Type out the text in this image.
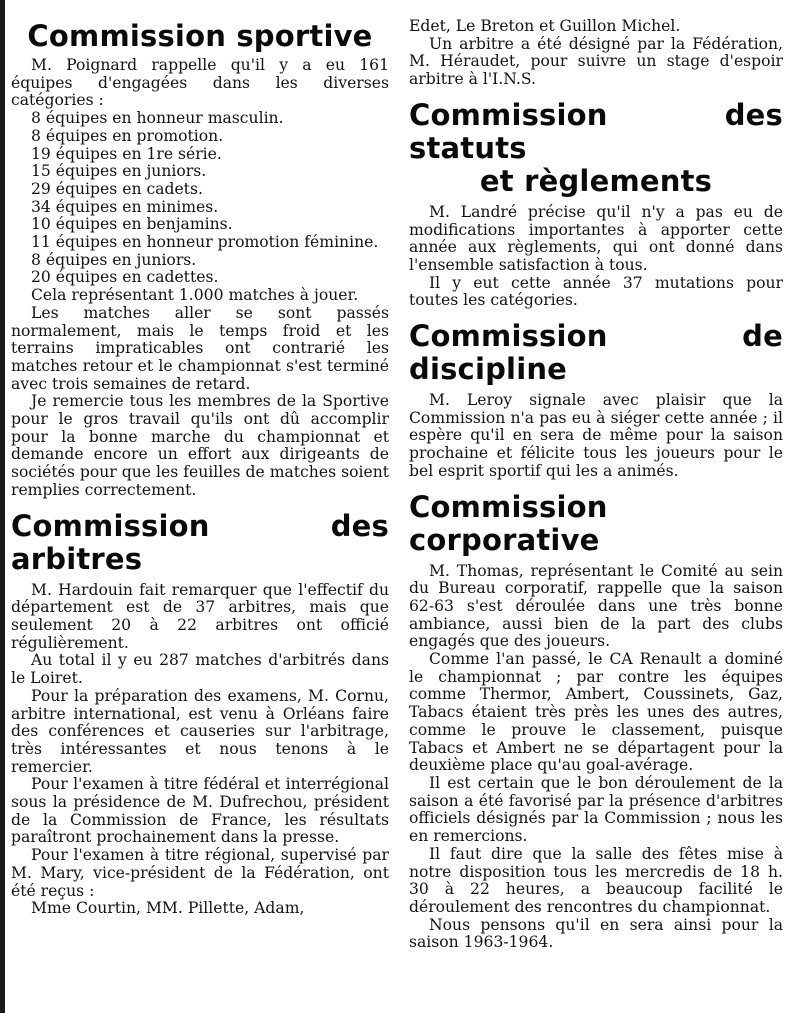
Commission sportive

M. Poignard rappelle qu'il y a eu 161 équipes d'engagées dans les diverses catégories :

8 équipes en honneur masculin.

8 équipes en promotion.

19 équipes en 1re série.

15 équipes en juniors.

29 équipes en cadets.

34 équipes en minimes.

10 équipes en benjamins.

11 équipes en honneur promotion féminine.

8 équipes en juniors.

20 équipes en cadettes.

Cela représentant 1.000 matches à jouer.

Les matches aller se sont passés normalement, mais le temps froid et les terrains impraticables ont contrarié les matches retour et le championnat s'est terminé avec trois semaines de retard.

Je remercie tous les membres de la Sportive pour le gros travail qu'ils ont dû accomplir pour la bonne marche du championnat et demande encore un effort aux dirigeants de sociétés pour que les feuilles de matches soient remplies correctement.

Commission des arbitres

M. Hardouin fait remarquer que l'effectif du département est de 37 arbitres, mais que seulement 20 à 22 arbitres ont officié régulièrement.

Au total il y eu 287 matches d'arbitrés dans le Loiret.

Pour la préparation des examens, M. Cornu, arbitre international, est venu à Orléans faire des conférences et causeries sur l'arbitrage, très intéressantes et nous tenons à le remercier.

Pour l'examen à titre fédéral et interrégional sous la présidence de M. Dufrechou, président de la Commission de France, les résultats paraîtront prochainement dans la presse.

Pour l'examen à titre régional, supervisé par M. Mary, vice-président de la Fédération, ont été reçus :

Mme Courtin, MM. Pillette, Adam,

Edet, Le Breton et Guillon Michel.

Un arbitre a été désigné par la Fédération, M. Héraudet, pour suivre un stage d'espoir arbitre à l'I.N.S.

Commission des statuts
et règlements

M. Landré précise qu'il n'y a pas eu de modifications importantes à apporter cette année aux règlements, qui ont donné dans l'ensemble satisfaction à tous.

Il y eut cette année 37 mutations pour toutes les catégories.

Commission de discipline

M. Leroy signale avec plaisir que la Commission n'a pas eu à siéger cette année ; il espère qu'il en sera de même pour la saison prochaine et félicite tous les joueurs pour le bel esprit sportif qui les a animés.

Commission corporative

M. Thomas, représentant le Comité au sein du Bureau corporatif, rappelle que la saison 62-63 s'est déroulée dans une très bonne ambiance, aussi bien de la part des clubs engagés que des joueurs.

Comme l'an passé, le CA Renault a dominé le championnat ; par contre les équipes comme Thermor, Ambert, Coussinets, Gaz, Tabacs étaient très près les unes des autres, comme le prouve le classement, puisque Tabacs et Ambert ne se départagent pour la deuxième place qu'au goal-avérage.

Il est certain que le bon déroulement de la saison a été favorisé par la présence d'arbitres officiels désignés par la Commission ; nous les en remercions.

Il faut dire que la salle des fêtes mise à notre disposition tous les mercredis de 18 h. 30 à 22 heures, a beaucoup facilité le déroulement des rencontres du championnat.

Nous pensons qu'il en sera ainsi pour la saison 1963-1964.
